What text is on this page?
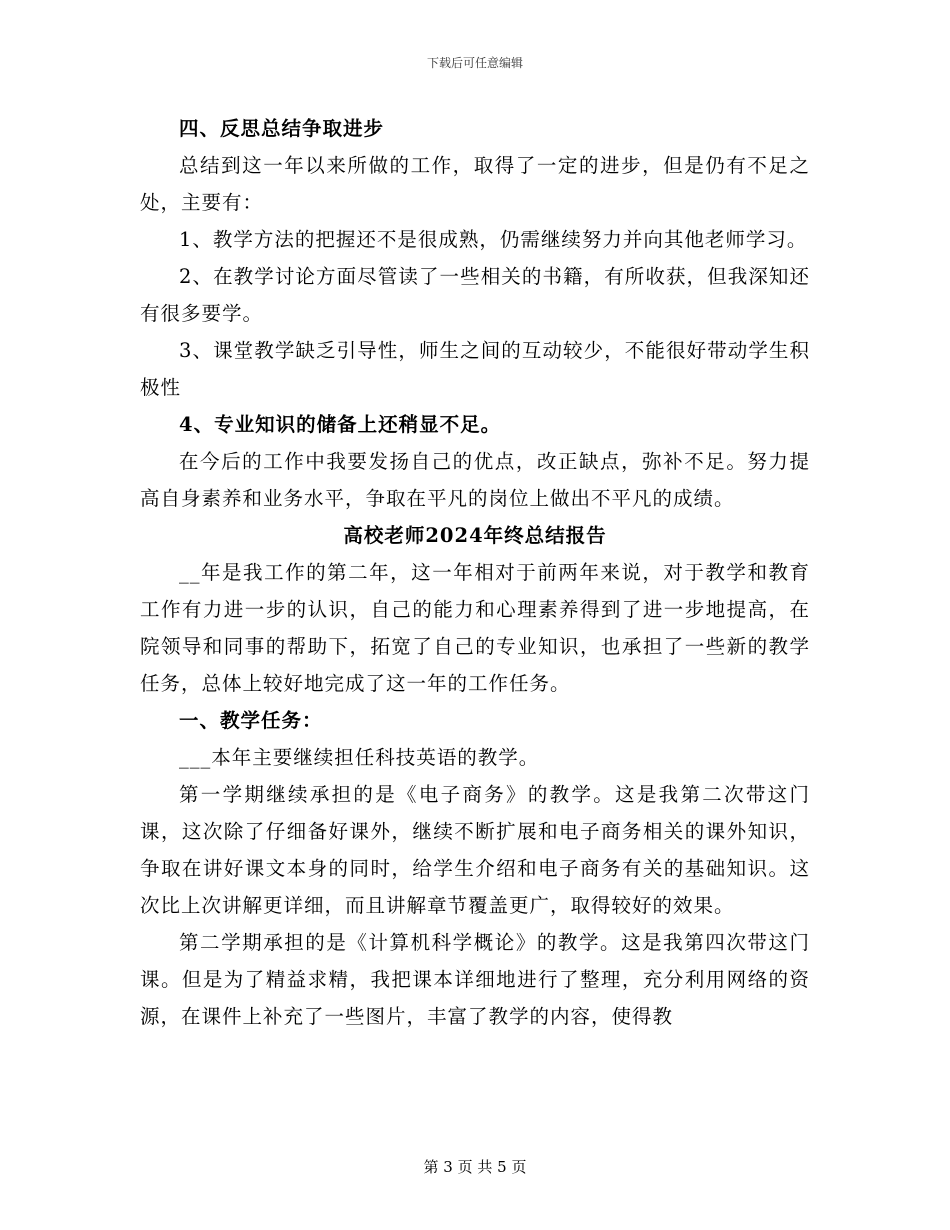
下载后可任意编辑

四、反思总结争取进步

总结到这一年以来所做的工作，取得了一定的进步，但是仍有不足之处，主要有：

1、教学方法的把握还不是很成熟，仍需继续努力并向其他老师学习。

2、在教学讨论方面尽管读了一些相关的书籍，有所收获，但我深知还有很多要学。

3、课堂教学缺乏引导性，师生之间的互动较少，不能很好带动学生积极性

4、专业知识的储备上还稍显不足。

在今后的工作中我要发扬自己的优点，改正缺点，弥补不足。努力提高自身素养和业务水平，争取在平凡的岗位上做出不平凡的成绩。

高校老师2024年终总结报告

__年是我工作的第二年，这一年相对于前两年来说，对于教学和教育工作有力进一步的认识，自己的能力和心理素养得到了进一步地提高，在院领导和同事的帮助下，拓宽了自己的专业知识，也承担了一些新的教学任务，总体上较好地完成了这一年的工作任务。

一、教学任务：

___本年主要继续担任科技英语的教学。

第一学期继续承担的是《电子商务》的教学。这是我第二次带这门课，这次除了仔细备好课外，继续不断扩展和电子商务相关的课外知识，争取在讲好课文本身的同时，给学生介绍和电子商务有关的基础知识。这次比上次讲解更详细，而且讲解章节覆盖更广，取得较好的效果。

第二学期承担的是《计算机科学概论》的教学。这是我第四次带这门课。但是为了精益求精，我把课本详细地进行了整理，充分利用网络的资源，在课件上补充了一些图片，丰富了教学的内容，使得教

第 3 页 共 5 页
